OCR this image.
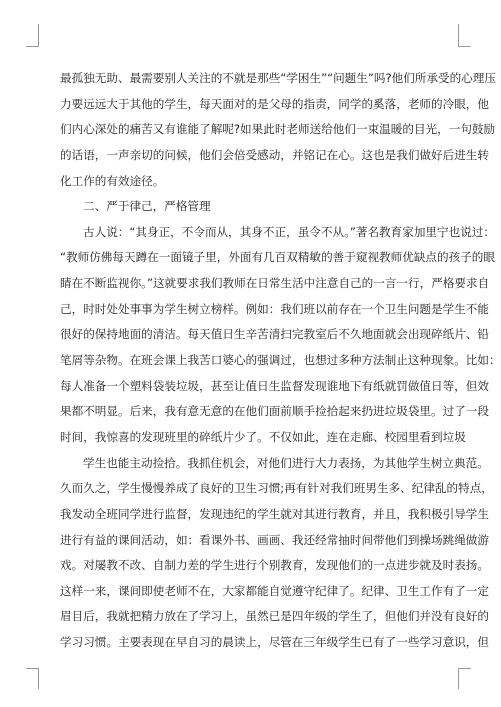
最孤独无助、最需要别人关注的不就是那些“学困生”“问题生”吗?他们所承受的心理压
力要远远大于其他的学生，每天面对的是父母的指责，同学的奚落，老师的冷眼，他
们内心深处的痛苦又有谁能了解呢?如果此时老师送给他们一束温暖的目光，一句鼓励
的话语，一声亲切的问候，他们会倍受感动，并铭记在心。这也是我们做好后进生转
化工作的有效途径。
二、严于律己，严格管理
古人说：“其身正，不令而从，其身不正，虽令不从。”著名教育家加里宁也说过：
“教师仿佛每天蹲在一面镜子里，外面有几百双精敏的善于窥视教师优缺点的孩子的眼
睛在不断监视你。”这就要求我们教师在日常生活中注意自己的一言一行，严格要求自
己，时时处处事事为学生树立榜样。例如：我们班以前存在一个卫生问题是学生不能
很好的保持地面的清洁。每天值日生辛苦清扫完教室后不久地面就会出现碎纸片、铅
笔屑等杂物。在班会课上我苦口婆心的强调过，也想过多种方法制止这种现象。比如：
每人准备一个塑料袋装垃圾，甚至让值日生监督发现谁地下有纸就罚做值日等，但效
果都不明显。后来，我有意无意的在他们面前顺手捡拾起来扔进垃圾袋里。过了一段
时间，我惊喜的发现班里的碎纸片少了。不仅如此，连在走廊、校园里看到垃圾
学生也能主动捡拾。我抓住机会，对他们进行大力表扬，为其他学生树立典范。
久而久之，学生慢慢养成了良好的卫生习惯;再有针对我们班男生多、纪律乱的特点，
我发动全班同学进行监督，发现违纪的学生就对其进行教育，并且，我积极引导学生
进行有益的课间活动，如：看课外书、画画、我还经常抽时间带他们到操场跳绳做游
戏。对屡教不改、自制力差的学生进行个别教育，发现他们的一点进步就及时表扬。
这样一来，课间即使老师不在，大家都能自觉遵守纪律了。纪律、卫生工作有了一定
眉目后，我就把精力放在了学习上，虽然已是四年级的学生了，但他们并没有良好的
学习习惯。主要表现在早自习的晨读上，尽管在三年级学生已有了一些学习意识，但
